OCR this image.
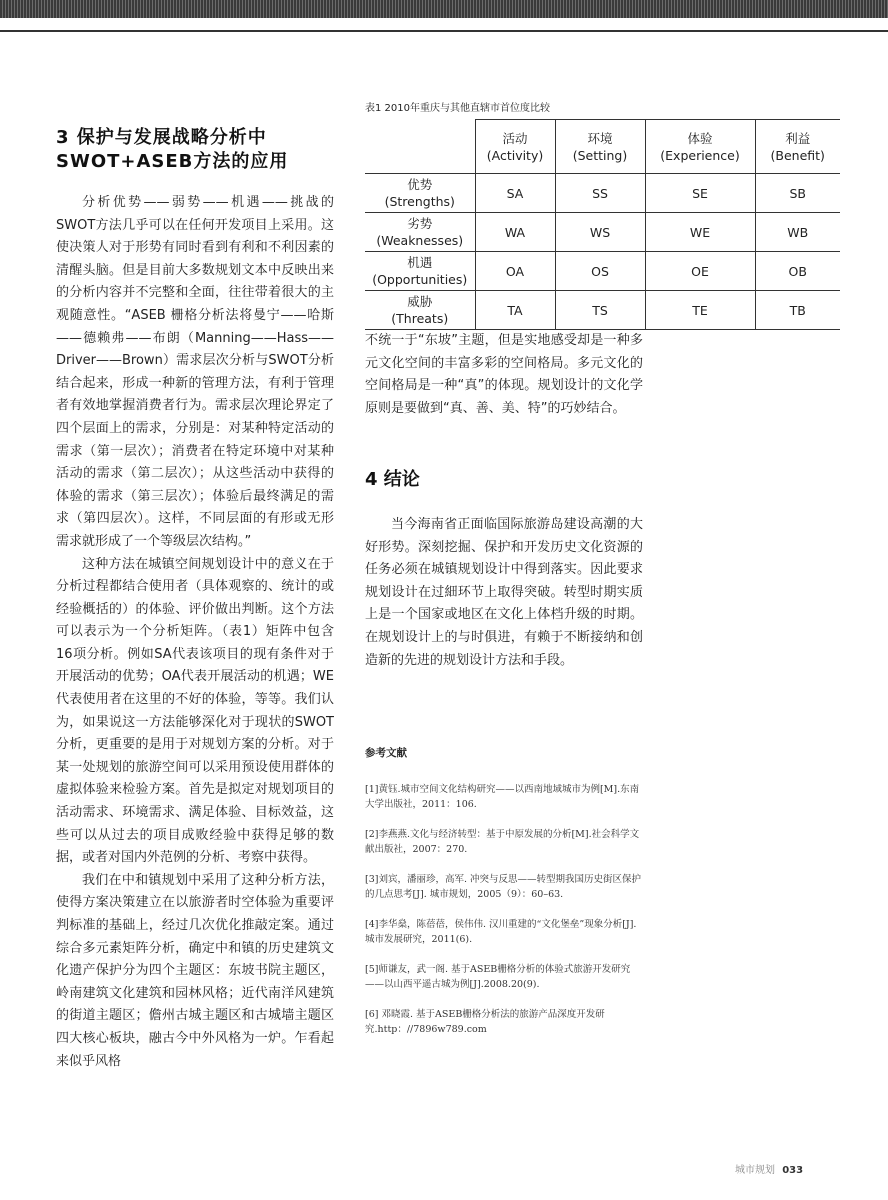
3 保护与发展战略分析中
SWOT+ASEB方法的应用

分析优势——弱势——机遇——挑战的SWOT方法几乎可以在任何开发项目上采用。这使决策人对于形势有同时看到有利和不利因素的清醒头脑。但是目前大多数规划文本中反映出来的分析内容并不完整和全面，往往带着很大的主观随意性。“ASEB 栅格分析法将曼宁——哈斯——德赖弗——布朗（Manning——Hass——Driver——Brown）需求层次分析与SWOT分析结合起来，形成一种新的管理方法，有利于管理者有效地掌握消费者行为。需求层次理论界定了四个层面上的需求，分别是：对某种特定活动的需求（第一层次）；消费者在特定环境中对某种活动的需求（第二层次）；从这些活动中获得的体验的需求（第三层次）；体验后最终满足的需求（第四层次）。这样，不同层面的有形或无形需求就形成了一个等级层次结构。”

这种方法在城镇空间规划设计中的意义在于分析过程都结合使用者（具体观察的、统计的或经验概括的）的体验、评价做出判断。这个方法可以表示为一个分析矩阵。（表1）矩阵中包含16项分析。例如SA代表该项目的现有条件对于开展活动的优势；OA代表开展活动的机遇；WE代表使用者在这里的不好的体验，等等。我们认为，如果说这一方法能够深化对于现状的SWOT分析，更重要的是用于对规划方案的分析。对于某一处规划的旅游空间可以采用预设使用群体的虚拟体验来检验方案。首先是拟定对规划项目的活动需求、环境需求、满足体验、目标效益，这些可以从过去的项目成败经验中获得足够的数据，或者对国内外范例的分析、考察中获得。

我们在中和镇规划中采用了这种分析方法，使得方案决策建立在以旅游者时空体验为重要评判标准的基础上，经过几次优化推敲定案。通过综合多元素矩阵分析，确定中和镇的历史建筑文化遗产保护分为四个主题区：东坡书院主题区，岭南建筑文化建筑和园林风格；近代南洋风建筑的街道主题区；儋州古城主题区和古城墙主题区四大核心板块，融古今中外风格为一炉。乍看起来似乎风格

表1 2010年重庆与其他直辖市首位度比较

	活动
(Activity)	环境
(Setting)	体验
(Experience)	利益
(Benefit)

优势
(Strengths)	SA	SS	SE	SB

劣势
(Weaknesses)	WA	WS	WE	WB

机遇
(Opportunities)	OA	OS	OE	OB

威胁
(Threats)	TA	TS	TE	TB

不统一于“东坡”主题，但是实地感受却是一种多元文化空间的丰富多彩的空间格局。多元文化的空间格局是一种“真”的体现。规划设计的文化学原则是要做到“真、善、美、特”的巧妙结合。

4 结论

当今海南省正面临国际旅游岛建设高潮的大好形势。深刻挖掘、保护和开发历史文化资源的任务必须在城镇规划设计中得到落实。因此要求规划设计在过細环节上取得突破。转型时期实质上是一个国家或地区在文化上体档升级的时期。在规划设计上的与时俱进，有赖于不断接纳和创造新的先进的规划设计方法和手段。

参考文献

[1]黄钰.城市空间文化结构研究——以西南地域城市为例[M].东南大学出版社，2011：106.

[2]李燕燕.文化与经济转型：基于中原发展的分析[M].社会科学文献出版社，2007：270.

[3]刘宾，潘丽珍，高军. 冲突与反思——转型期我国历史街区保护的几点思考[J]. 城市规划，2005（9）：60–63.

[4]李华燊，陈蓓蓓，侯伟伟. 汉川重建的“文化堡垒”现象分析[J].城市发展研究，2011(6).

[5]师谦友，武一阁. 基于ASEB栅格分析的体验式旅游开发研究——以山西平遥古城为例[J].2008.20(9).

[6] 邓晓霞. 基于ASEB栅格分析法的旅游产品深度开发研究.http：//7896w789.com

城市规划 033
